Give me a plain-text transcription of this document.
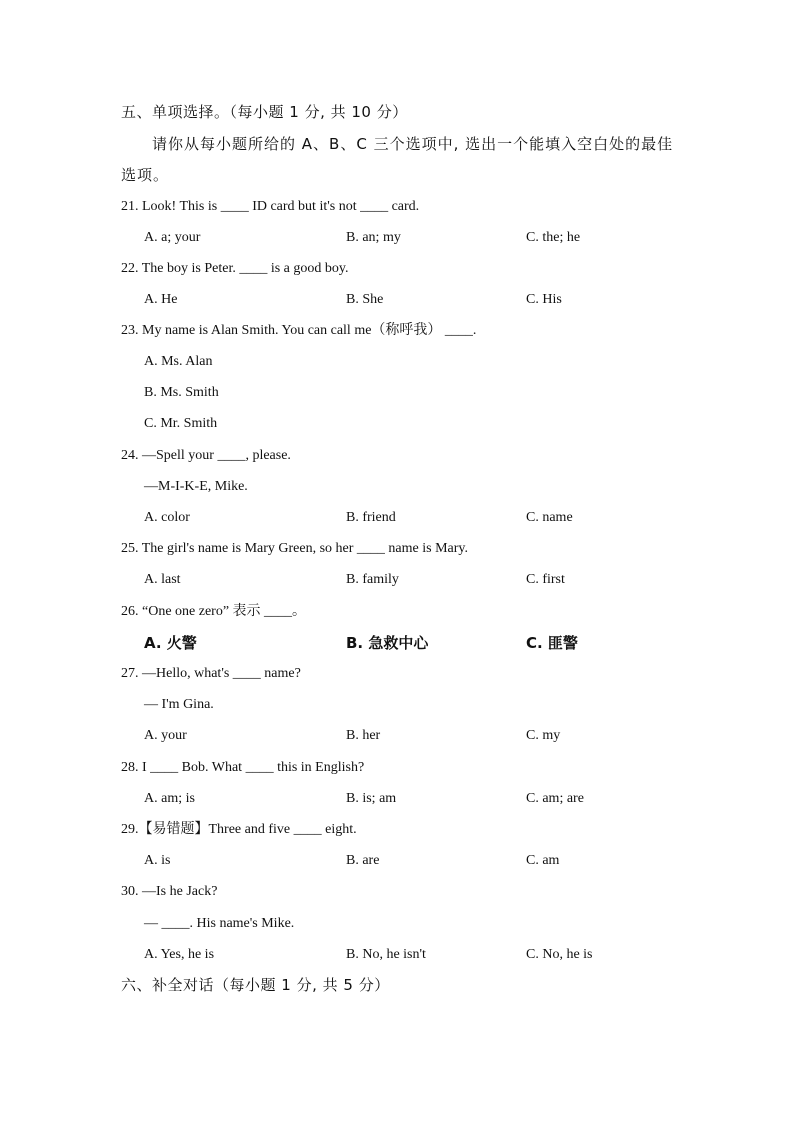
五、单项选择。（每小题 1 分, 共 10 分）
请你从每小题所给的 A、B、C 三个选项中, 选出一个能填入空白处的最佳
选项。
21. Look! This is ____ ID card but it's not ____ card.
A. a; your	B. an; my	C. the; he
22. The boy is Peter. ____ is a good boy.
A. He	B. She	C. His
23. My name is Alan Smith. You can call me（称呼我） ____.
A. Ms. Alan
B. Ms. Smith
C. Mr. Smith
24. —Spell your ____, please.
—M-I-K-E, Mike.
A. color	B. friend	C. name
25. The girl's name is Mary Green, so her ____ name is Mary.
A. last	B. family	C. first
26. “One one zero” 表示 ____。
A. 火警	B. 急救中心	C. 匪警
27. —Hello, what's ____ name?
— I'm Gina.
A. your	B. her	C. my
28. I ____ Bob. What ____ this in English?
A. am; is	B. is; am	C. am; are
29.【易错题】Three and five ____ eight.
A. is	B. are	C. am
30. —Is he Jack?
— ____. His name's Mike.
A. Yes, he is	B. No, he isn't	C. No, he is
六、补全对话（每小题 1 分, 共 5 分）
